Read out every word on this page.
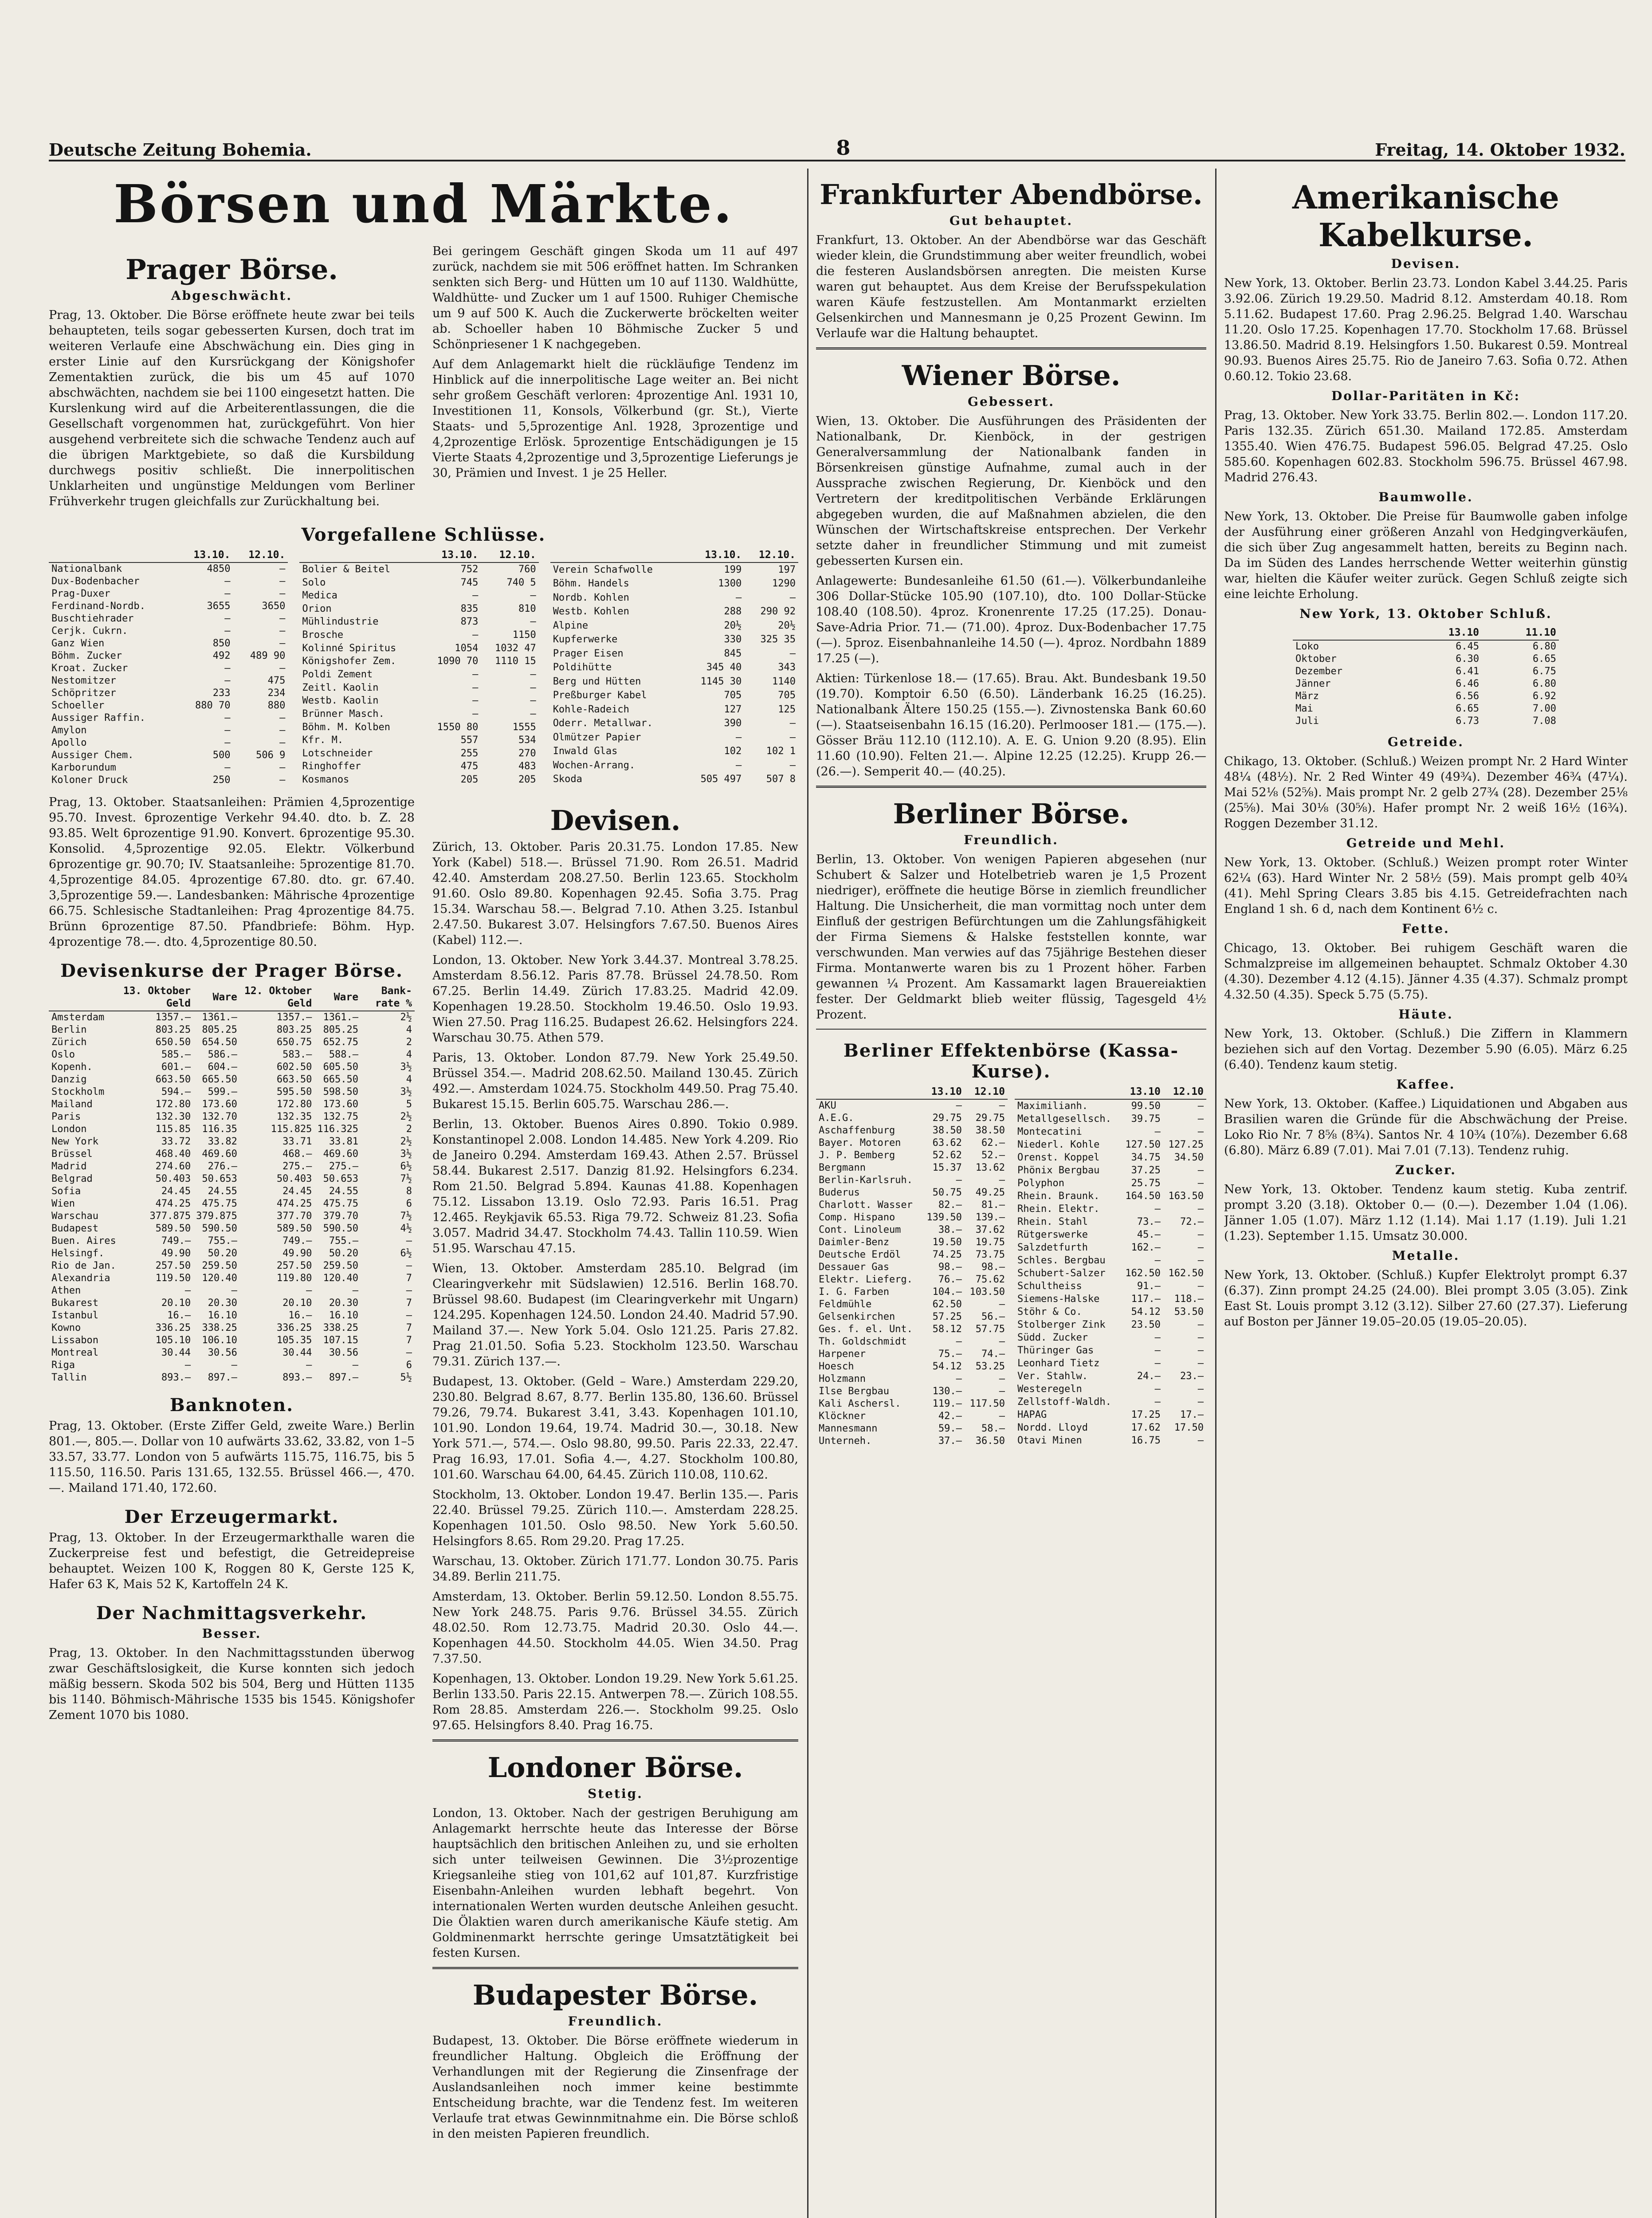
Deutsche Zeitung Bohemia.	8	Freitag, 14. Oktober 1932.
Börsen und Märkte.
Prager Börse.
Abgeschwächt.

Prag, 13. Oktober. Die Börse eröffnete heute zwar bei teils behaupteten, teils sogar gebesserten Kursen, doch trat im weiteren Verlaufe eine Abschwächung ein. Dies ging in erster Linie auf den Kursrückgang der Königshofer Zementaktien zurück, die bis um 45 auf 1070 abschwächten, nachdem sie bei 1100 eingesetzt hatten. Die Kurslenkung wird auf die Arbeiterentlassungen, die die Gesellschaft vorgenommen hat, zurückgeführt. Von hier ausgehend verbreitete sich die schwache Tendenz auch auf die übrigen Marktgebiete, so daß die Kursbildung durchwegs positiv schließt. Die innerpolitischen Unklarheiten und ungünstige Meldungen vom Berliner Frühverkehr trugen gleichfalls zur Zurückhaltung bei.

Bei geringem Geschäft gingen Skoda um 11 auf 497 zurück, nachdem sie mit 506 eröffnet hatten. Im Schranken senkten sich Berg- und Hütten um 10 auf 1130. Waldhütte, Waldhütte- und Zucker um 1 auf 1500. Ruhiger Chemische um 9 auf 500 K. Auch die Zuckerwerte bröckelten weiter ab. Schoeller haben 10 Böhmische Zucker 5 und Schönpriesener 1 K nachgegeben.

Auf dem Anlagemarkt hielt die rückläufige Tendenz im Hinblick auf die innerpolitische Lage weiter an. Bei nicht sehr großem Geschäft verloren: 4prozentige Anl. 1931 10, Investitionen 11, Konsols, Völkerbund (gr. St.), Vierte Staats- und 5,5prozentige Anl. 1928, 3prozentige und 4,2prozentige Erlösk. 5prozentige Entschädigungen je 15 Vierte Staats 4,2prozentige und 3,5prozentige Lieferungs je 30, Prämien und Invest. 1 je 25 Heller.

Vorgefallene Schlüsse.
	13.10.	12.10.
Nationalbank	4850	—
Dux-Bodenbacher	—	—
Prag-Duxer	—	—
Ferdinand-Nordb.	3655	3650
Buschtiehrader	—	—
Cerjk. Cukrn.	—	—
Ganz Wien	850	—
Böhm. Zucker	492	489 90
Kroat. Zucker	—	—
Nestomitzer	—	475
Schöpritzer	233	234
Schoeller	880 70	880
Aussiger Raffin.	—	—
Amylon	—	—
Apollo	—	—
Aussiger Chem.	500	506 9
Karborundum	—	—
Koloner Druck	250	—
	13.10.	12.10.
Bolier & Beitel	752	760
Solo	745	740 5
Medica	—	—
Orion	835	810
Mühlindustrie	873	—
Brosche	—	1150
Kolinné Spiritus	1054	1032 47
Königshofer Zem.	1090 70	1110 15
Poldi Zement	—	—
Zeitl. Kaolin	—	—
Westb. Kaolin	—	—
Brünner Masch.	—	—
Böhm. M. Kolben	1550 80	1555
Kfr. M.	557	534
Lotschneider	255	270
Ringhoffer	475	483
Kosmanos	205	205
	13.10.	12.10.
Verein Schafwolle	199	197
Böhm. Handels	1300	1290
Nordb. Kohlen	—	—
Westb. Kohlen	288	290 92
Alpine	20½	20½
Kupferwerke	330	325 35
Prager Eisen	845	—
Poldihütte	345 40	343
Berg und Hütten	1145 30	1140
Preßburger Kabel	705	705
Kohle-Radeich	127	125
Oderr. Metallwar.	390	—
Olmützer Papier	—	—
Inwald Glas	102	102 1
Wochen-Arrang.	—	—
Skoda	505 497	507 8

Prag, 13. Oktober. Staatsanleihen: Prämien 4,5prozentige 95.70. Invest. 6prozentige Verkehr 94.40. dto. b. Z. 28 93.85. Welt 6prozentige 91.90. Konvert. 6prozentige 95.30. Konsolid. 4,5prozentige 92.05. Elektr. Völkerbund 6prozentige gr. 90.70; IV. Staatsanleihe: 5prozentige 81.70. 4,5prozentige 84.05. 4prozentige 67.80. dto. gr. 67.40. 3,5prozentige 59.—. Landesbanken: Mährische 4prozentige 66.75. Schlesische Stadtanleihen: Prag 4prozentige 84.75. Brünn 6prozentige 87.50. Pfandbriefe: Böhm. Hyp. 4prozentige 78.—. dto. 4,5prozentige 80.50.

Devisenkurse der Prager Börse.
	13. Oktober Geld	Ware	12. Oktober Geld	Ware	Bank-rate %
Amsterdam	1357.—	1361.—	1357.—	1361.—	2½
Berlin	803.25	805.25	803.25	805.25	4
Zürich	650.50	654.50	650.75	652.75	2
Oslo	585.—	586.—	583.—	588.—	4
Kopenh.	601.—	604.—	602.50	605.50	3½
Danzig	663.50	665.50	663.50	665.50	4
Stockholm	594.—	599.—	595.50	598.50	3½
Mailand	172.80	173.60	172.80	173.60	5
Paris	132.30	132.70	132.35	132.75	2½
London	115.85	116.35	115.825	116.325	2
New York	33.72	33.82	33.71	33.81	2½
Brüssel	468.40	469.60	468.—	469.60	3½
Madrid	274.60	276.—	275.—	275.—	6½
Belgrad	50.403	50.653	50.403	50.653	7½
Sofia	24.45	24.55	24.45	24.55	8
Wien	474.25	475.75	474.25	475.75	6
Warschau	377.875	379.875	377.70	379.70	7½
Budapest	589.50	590.50	589.50	590.50	4½
Buen. Aires	749.—	755.—	749.—	755.—	—
Helsingf.	49.90	50.20	49.90	50.20	6½
Rio de Jan.	257.50	259.50	257.50	259.50	—
Alexandria	119.50	120.40	119.80	120.40	7
Athen	—	—	—	—	—
Bukarest	20.10	20.30	20.10	20.30	7
Istanbul	16.—	16.10	16.—	16.10	—
Kowno	336.25	338.25	336.25	338.25	7
Lissabon	105.10	106.10	105.35	107.15	7
Montreal	30.44	30.56	30.44	30.56	—
Riga	—	—	—	—	6
Tallin	893.—	897.—	893.—	897.—	5½
Banknoten.

Prag, 13. Oktober. (Erste Ziffer Geld, zweite Ware.) Berlin 801.—, 805.—. Dollar von 10 aufwärts 33.62, 33.82, von 1–5 33.57, 33.77. London von 5 aufwärts 115.75, 116.75, bis 5 115.50, 116.50. Paris 131.65, 132.55. Brüssel 466.—, 470.—. Mailand 171.40, 172.60.

Der Erzeugermarkt.

Prag, 13. Oktober. In der Erzeugermarkthalle waren die Zuckerpreise fest und befestigt, die Getreidepreise behauptet. Weizen 100 K, Roggen 80 K, Gerste 125 K, Hafer 63 K, Mais 52 K, Kartoffeln 24 K.

Der Nachmittagsverkehr.
Besser.

Prag, 13. Oktober. In den Nachmittagsstunden überwog zwar Geschäftslosigkeit, die Kurse konnten sich jedoch mäßig bessern. Skoda 502 bis 504, Berg und Hütten 1135 bis 1140. Böhmisch-Mährische 1535 bis 1545. Königshofer Zement 1070 bis 1080.

Devisen.

Zürich, 13. Oktober. Paris 20.31.75. London 17.85. New York (Kabel) 518.—. Brüssel 71.90. Rom 26.51. Madrid 42.40. Amsterdam 208.27.50. Berlin 123.65. Stockholm 91.60. Oslo 89.80. Kopenhagen 92.45. Sofia 3.75. Prag 15.34. Warschau 58.—. Belgrad 7.10. Athen 3.25. Istanbul 2.47.50. Bukarest 3.07. Helsingfors 7.67.50. Buenos Aires (Kabel) 112.—.

London, 13. Oktober. New York 3.44.37. Montreal 3.78.25. Amsterdam 8.56.12. Paris 87.78. Brüssel 24.78.50. Rom 67.25. Berlin 14.49. Zürich 17.83.25. Madrid 42.09. Kopenhagen 19.28.50. Stockholm 19.46.50. Oslo 19.93. Wien 27.50. Prag 116.25. Budapest 26.62. Helsingfors 224. Warschau 30.75. Athen 579.

Paris, 13. Oktober. London 87.79. New York 25.49.50. Brüssel 354.—. Madrid 208.62.50. Mailand 130.45. Zürich 492.—. Amsterdam 1024.75. Stockholm 449.50. Prag 75.40. Bukarest 15.15. Berlin 605.75. Warschau 286.—.

Berlin, 13. Oktober. Buenos Aires 0.890. Tokio 0.989. Konstantinopel 2.008. London 14.485. New York 4.209. Rio de Janeiro 0.294. Amsterdam 169.43. Athen 2.57. Brüssel 58.44. Bukarest 2.517. Danzig 81.92. Helsingfors 6.234. Rom 21.50. Belgrad 5.894. Kaunas 41.88. Kopenhagen 75.12. Lissabon 13.19. Oslo 72.93. Paris 16.51. Prag 12.465. Reykjavik 65.53. Riga 79.72. Schweiz 81.23. Sofia 3.057. Madrid 34.47. Stockholm 74.43. Tallin 110.59. Wien 51.95. Warschau 47.15.

Wien, 13. Oktober. Amsterdam 285.10. Belgrad (im Clearingverkehr mit Südslawien) 12.516. Berlin 168.70. Brüssel 98.60. Budapest (im Clearingverkehr mit Ungarn) 124.295. Kopenhagen 124.50. London 24.40. Madrid 57.90. Mailand 37.—. New York 5.04. Oslo 121.25. Paris 27.82. Prag 21.01.50. Sofia 5.23. Stockholm 123.50. Warschau 79.31. Zürich 137.—.

Budapest, 13. Oktober. (Geld – Ware.) Amsterdam 229.20, 230.80. Belgrad 8.67, 8.77. Berlin 135.80, 136.60. Brüssel 79.26, 79.74. Bukarest 3.41, 3.43. Kopenhagen 101.10, 101.90. London 19.64, 19.74. Madrid 30.—, 30.18. New York 571.—, 574.—. Oslo 98.80, 99.50. Paris 22.33, 22.47. Prag 16.93, 17.01. Sofia 4.—, 4.27. Stockholm 100.80, 101.60. Warschau 64.00, 64.45. Zürich 110.08, 110.62.

Stockholm, 13. Oktober. London 19.47. Berlin 135.—. Paris 22.40. Brüssel 79.25. Zürich 110.—. Amsterdam 228.25. Kopenhagen 101.50. Oslo 98.50. New York 5.60.50. Helsingfors 8.65. Rom 29.20. Prag 17.25.

Warschau, 13. Oktober. Zürich 171.77. London 30.75. Paris 34.89. Berlin 211.75.

Amsterdam, 13. Oktober. Berlin 59.12.50. London 8.55.75. New York 248.75. Paris 9.76. Brüssel 34.55. Zürich 48.02.50. Rom 12.73.75. Madrid 20.30. Oslo 44.—. Kopenhagen 44.50. Stockholm 44.05. Wien 34.50. Prag 7.37.50.

Kopenhagen, 13. Oktober. London 19.29. New York 5.61.25. Berlin 133.50. Paris 22.15. Antwerpen 78.—. Zürich 108.55. Rom 28.85. Amsterdam 226.—. Stockholm 99.25. Oslo 97.65. Helsingfors 8.40. Prag 16.75.

Londoner Börse.
Stetig.

London, 13. Oktober. Nach der gestrigen Beruhigung am Anlagemarkt herrschte heute das Interesse der Börse hauptsächlich den britischen Anleihen zu, und sie erholten sich unter teilweisen Gewinnen. Die 3½prozentige Kriegsanleihe stieg von 101,62 auf 101,87. Kurzfristige Eisenbahn-Anleihen wurden lebhaft begehrt. Von internationalen Werten wurden deutsche Anleihen gesucht. Die Ölaktien waren durch amerikanische Käufe stetig. Am Goldminenmarkt herrschte geringe Umsatztätigkeit bei festen Kursen.

Budapester Börse.
Freundlich.

Budapest, 13. Oktober. Die Börse eröffnete wiederum in freundlicher Haltung. Obgleich die Eröffnung der Verhandlungen mit der Regierung die Zinsenfrage der Auslandsanleihen noch immer keine bestimmte Entscheidung brachte, war die Tendenz fest. Im weiteren Verlaufe trat etwas Gewinnmitnahme ein. Die Börse schloß in den meisten Papieren freundlich.

Frankfurter Abendbörse.
Gut behauptet.

Frankfurt, 13. Oktober. An der Abendbörse war das Geschäft wieder klein, die Grundstimmung aber weiter freundlich, wobei die festeren Auslandsbörsen anregten. Die meisten Kurse waren gut behauptet. Aus dem Kreise der Berufsspekulation waren Käufe festzustellen. Am Montanmarkt erzielten Gelsenkirchen und Mannesmann je 0,25 Prozent Gewinn. Im Verlaufe war die Haltung behauptet.

Wiener Börse.
Gebessert.

Wien, 13. Oktober. Die Ausführungen des Präsidenten der Nationalbank, Dr. Kienböck, in der gestrigen Generalversammlung der Nationalbank fanden in Börsenkreisen günstige Aufnahme, zumal auch in der Aussprache zwischen Regierung, Dr. Kienböck und den Vertretern der kreditpolitischen Verbände Erklärungen abgegeben wurden, die auf Maßnahmen abzielen, die den Wünschen der Wirtschaftskreise entsprechen. Der Verkehr setzte daher in freundlicher Stimmung und mit zumeist gebesserten Kursen ein.

Anlagewerte: Bundesanleihe 61.50 (61.—). Völkerbundanleihe 306 Dollar-Stücke 105.90 (107.10), dto. 100 Dollar-Stücke 108.40 (108.50). 4proz. Kronenrente 17.25 (17.25). Donau-Save-Adria Prior. 71.— (71.00). 4proz. Dux-Bodenbacher 17.75 (—). 5proz. Eisenbahnanleihe 14.50 (—). 4proz. Nordbahn 1889 17.25 (—).

Aktien: Türkenlose 18.— (17.65). Brau. Akt. Bundesbank 19.50 (19.70). Komptoir 6.50 (6.50). Länderbank 16.25 (16.25). Nationalbank Ältere 150.25 (155.—). Zivnostenska Bank 60.60 (—). Staatseisenbahn 16.15 (16.20). Perlmooser 181.— (175.—). Gösser Bräu 112.10 (112.10). A. E. G. Union 9.20 (8.95). Elin 11.60 (10.90). Felten 21.—. Alpine 12.25 (12.25). Krupp 26.— (26.—). Semperit 40.— (40.25).

Berliner Börse.
Freundlich.

Berlin, 13. Oktober. Von wenigen Papieren abgesehen (nur Schubert & Salzer und Hotelbetrieb waren je 1,5 Prozent niedriger), eröffnete die heutige Börse in ziemlich freundlicher Haltung. Die Unsicherheit, die man vormittag noch unter dem Einfluß der gestrigen Befürchtungen um die Zahlungsfähigkeit der Firma Siemens & Halske feststellen konnte, war verschwunden. Man verwies auf das 75jährige Bestehen dieser Firma. Montanwerte waren bis zu 1 Prozent höher. Farben gewannen ¼ Prozent. Am Kassamarkt lagen Brauereiaktien fester. Der Geldmarkt blieb weiter flüssig, Tagesgeld 4½ Prozent.

Berliner Effektenbörse (Kassa-Kurse).
	13.10	12.10
AKU	—	—
A.E.G.	29.75	29.75
Aschaffenburg	38.50	38.50
Bayer. Motoren	63.62	62.—
J. P. Bemberg	52.62	52.—
Bergmann	15.37	13.62
Berlin-Karlsruh.	—	—
Buderus	50.75	49.25
Charlott. Wasser	82.—	81.—
Comp. Hispano	139.50	139.—
Cont. Linoleum	38.—	37.62
Daimler-Benz	19.50	19.75
Deutsche Erdöl	74.25	73.75
Dessauer Gas	98.—	98.—
Elektr. Lieferg.	76.—	75.62
I. G. Farben	104.—	103.50
Feldmühle	62.50	—
Gelsenkirchen	57.25	56.—
Ges. f. el. Unt.	58.12	57.75
Th. Goldschmidt	—	—
Harpener	75.—	74.—
Hoesch	54.12	53.25
Holzmann	—	—
Ilse Bergbau	130.—	—
Kali Aschersl.	119.—	117.50
Klöckner	42.—	—
Mannesmann	59.—	58.—
Unterneh.	37.—	36.50
	13.10	12.10
Maximilianh.	99.50	—
Metallgesellsch.	39.75	—
Montecatini	—	—
Niederl. Kohle	127.50	127.25
Orenst. Koppel	34.75	34.50
Phönix Bergbau	37.25	—
Polyphon	25.75	—
Rhein. Braunk.	164.50	163.50
Rhein. Elektr.	—	—
Rhein. Stahl	73.—	72.—
Rütgerswerke	45.—	—
Salzdetfurth	162.—	—
Schles. Bergbau	—	—
Schubert-Salzer	162.50	162.50
Schultheiss	91.—	—
Siemens-Halske	117.—	118.—
Stöhr & Co.	54.12	53.50
Stolberger Zink	23.50	—
Südd. Zucker	—	—
Thüringer Gas	—	—
Leonhard Tietz	—	—
Ver. Stahlw.	24.—	23.—
Westeregeln	—	—
Zellstoff-Waldh.	—	—
HAPAG	17.25	17.—
Nordd. Lloyd	17.62	17.50
Otavi Minen	16.75	—
Amerikanische Kabelkurse.
Devisen.

New York, 13. Oktober. Berlin 23.73. London Kabel 3.44.25. Paris 3.92.06. Zürich 19.29.50. Madrid 8.12. Amsterdam 40.18. Rom 5.11.62. Budapest 17.60. Prag 2.96.25. Belgrad 1.40. Warschau 11.20. Oslo 17.25. Kopenhagen 17.70. Stockholm 17.68. Brüssel 13.86.50. Madrid 8.19. Helsingfors 1.50. Bukarest 0.59. Montreal 90.93. Buenos Aires 25.75. Rio de Janeiro 7.63. Sofia 0.72. Athen 0.60.12. Tokio 23.68.

Dollar-Paritäten in Kč:

Prag, 13. Oktober. New York 33.75. Berlin 802.—. London 117.20. Paris 132.35. Zürich 651.30. Mailand 172.85. Amsterdam 1355.40. Wien 476.75. Budapest 596.05. Belgrad 47.25. Oslo 585.60. Kopenhagen 602.83. Stockholm 596.75. Brüssel 467.98. Madrid 276.43.

Baumwolle.

New York, 13. Oktober. Die Preise für Baumwolle gaben infolge der Ausführung einer größeren Anzahl von Hedgingverkäufen, die sich über Zug angesammelt hatten, bereits zu Beginn nach. Da im Süden des Landes herrschende Wetter weiterhin günstig war, hielten die Käufer weiter zurück. Gegen Schluß zeigte sich eine leichte Erholung.

New York, 13. Oktober Schluß.
	13.10	11.10
Loko	6.45	6.80
Oktober	6.30	6.65
Dezember	6.41	6.75
Jänner	6.46	6.80
März	6.56	6.92
Mai	6.65	7.00
Juli	6.73	7.08
Getreide.

Chikago, 13. Oktober. (Schluß.) Weizen prompt Nr. 2 Hard Winter 48¼ (48½). Nr. 2 Red Winter 49 (49¾). Dezember 46¾ (47¼). Mai 52⅛ (52⅝). Mais prompt Nr. 2 gelb 27¾ (28). Dezember 25⅛ (25⅝). Mai 30⅛ (30⅝). Hafer prompt Nr. 2 weiß 16½ (16¾). Roggen Dezember 31.12.

Getreide und Mehl.

New York, 13. Oktober. (Schluß.) Weizen prompt roter Winter 62¼ (63). Hard Winter Nr. 2 58½ (59). Mais prompt gelb 40¾ (41). Mehl Spring Clears 3.85 bis 4.15. Getreidefrachten nach England 1 sh. 6 d, nach dem Kontinent 6½ c.

Fette.

Chicago, 13. Oktober. Bei ruhigem Geschäft waren die Schmalzpreise im allgemeinen behauptet. Schmalz Oktober 4.30 (4.30). Dezember 4.12 (4.15). Jänner 4.35 (4.37). Schmalz prompt 4.32.50 (4.35). Speck 5.75 (5.75).

Häute.

New York, 13. Oktober. (Schluß.) Die Ziffern in Klammern beziehen sich auf den Vortag. Dezember 5.90 (6.05). März 6.25 (6.40). Tendenz kaum stetig.

Kaffee.

New York, 13. Oktober. (Kaffee.) Liquidationen und Abgaben aus Brasilien waren die Gründe für die Abschwächung der Preise. Loko Rio Nr. 7 8⅝ (8¾). Santos Nr. 4 10¾ (10⅞). Dezember 6.68 (6.80). März 6.89 (7.01). Mai 7.01 (7.13). Tendenz ruhig.

Zucker.

New York, 13. Oktober. Tendenz kaum stetig. Kuba zentrif. prompt 3.20 (3.18). Oktober 0.— (0.—). Dezember 1.04 (1.06). Jänner 1.05 (1.07). März 1.12 (1.14). Mai 1.17 (1.19). Juli 1.21 (1.23). September 1.15. Umsatz 30.000.

Metalle.

New York, 13. Oktober. (Schluß.) Kupfer Elektrolyt prompt 6.37 (6.37). Zinn prompt 24.25 (24.00). Blei prompt 3.05 (3.05). Zink East St. Louis prompt 3.12 (3.12). Silber 27.60 (27.37). Lieferung auf Boston per Jänner 19.05–20.05 (19.05–20.05).
